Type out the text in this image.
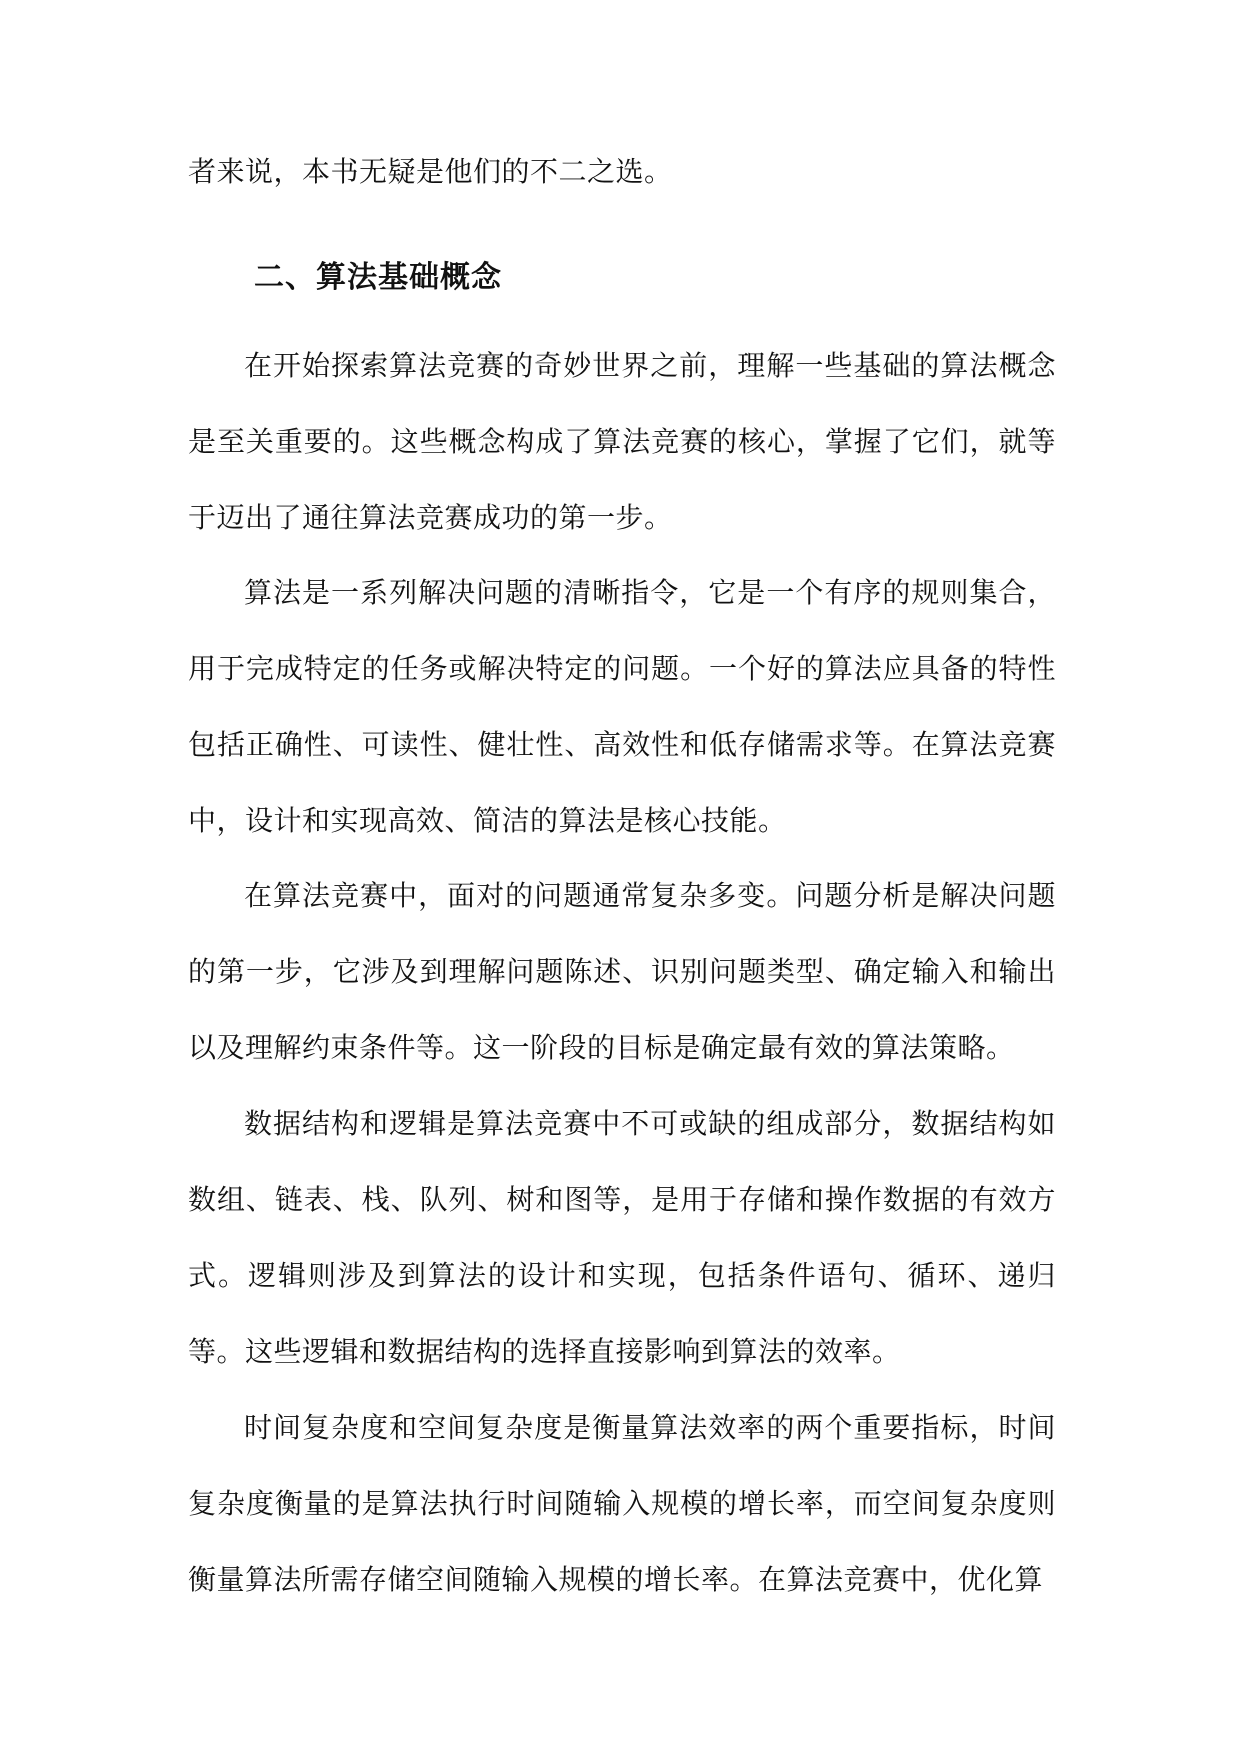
者来说，本书无疑是他们的不二之选。

二、算法基础概念

在开始探索算法竞赛的奇妙世界之前，理解一些基础的算法概念是至关重要的。这些概念构成了算法竞赛的核心，掌握了它们，就等于迈出了通往算法竞赛成功的第一步。

算法是一系列解决问题的清晰指令，它是一个有序的规则集合，用于完成特定的任务或解决特定的问题。一个好的算法应具备的特性包括正确性、可读性、健壮性、高效性和低存储需求等。在算法竞赛中，设计和实现高效、简洁的算法是核心技能。

在算法竞赛中，面对的问题通常复杂多变。问题分析是解决问题的第一步，它涉及到理解问题陈述、识别问题类型、确定输入和输出以及理解约束条件等。这一阶段的目标是确定最有效的算法策略。

数据结构和逻辑是算法竞赛中不可或缺的组成部分，数据结构如数组、链表、栈、队列、树和图等，是用于存储和操作数据的有效方式。逻辑则涉及到算法的设计和实现，包括条件语句、循环、递归等。这些逻辑和数据结构的选择直接影响到算法的效率。

时间复杂度和空间复杂度是衡量算法效率的两个重要指标，时间复杂度衡量的是算法执行时间随输入规模的增长率，而空间复杂度则衡量算法所需存储空间随输入规模的增长率。在算法竞赛中，优化算
